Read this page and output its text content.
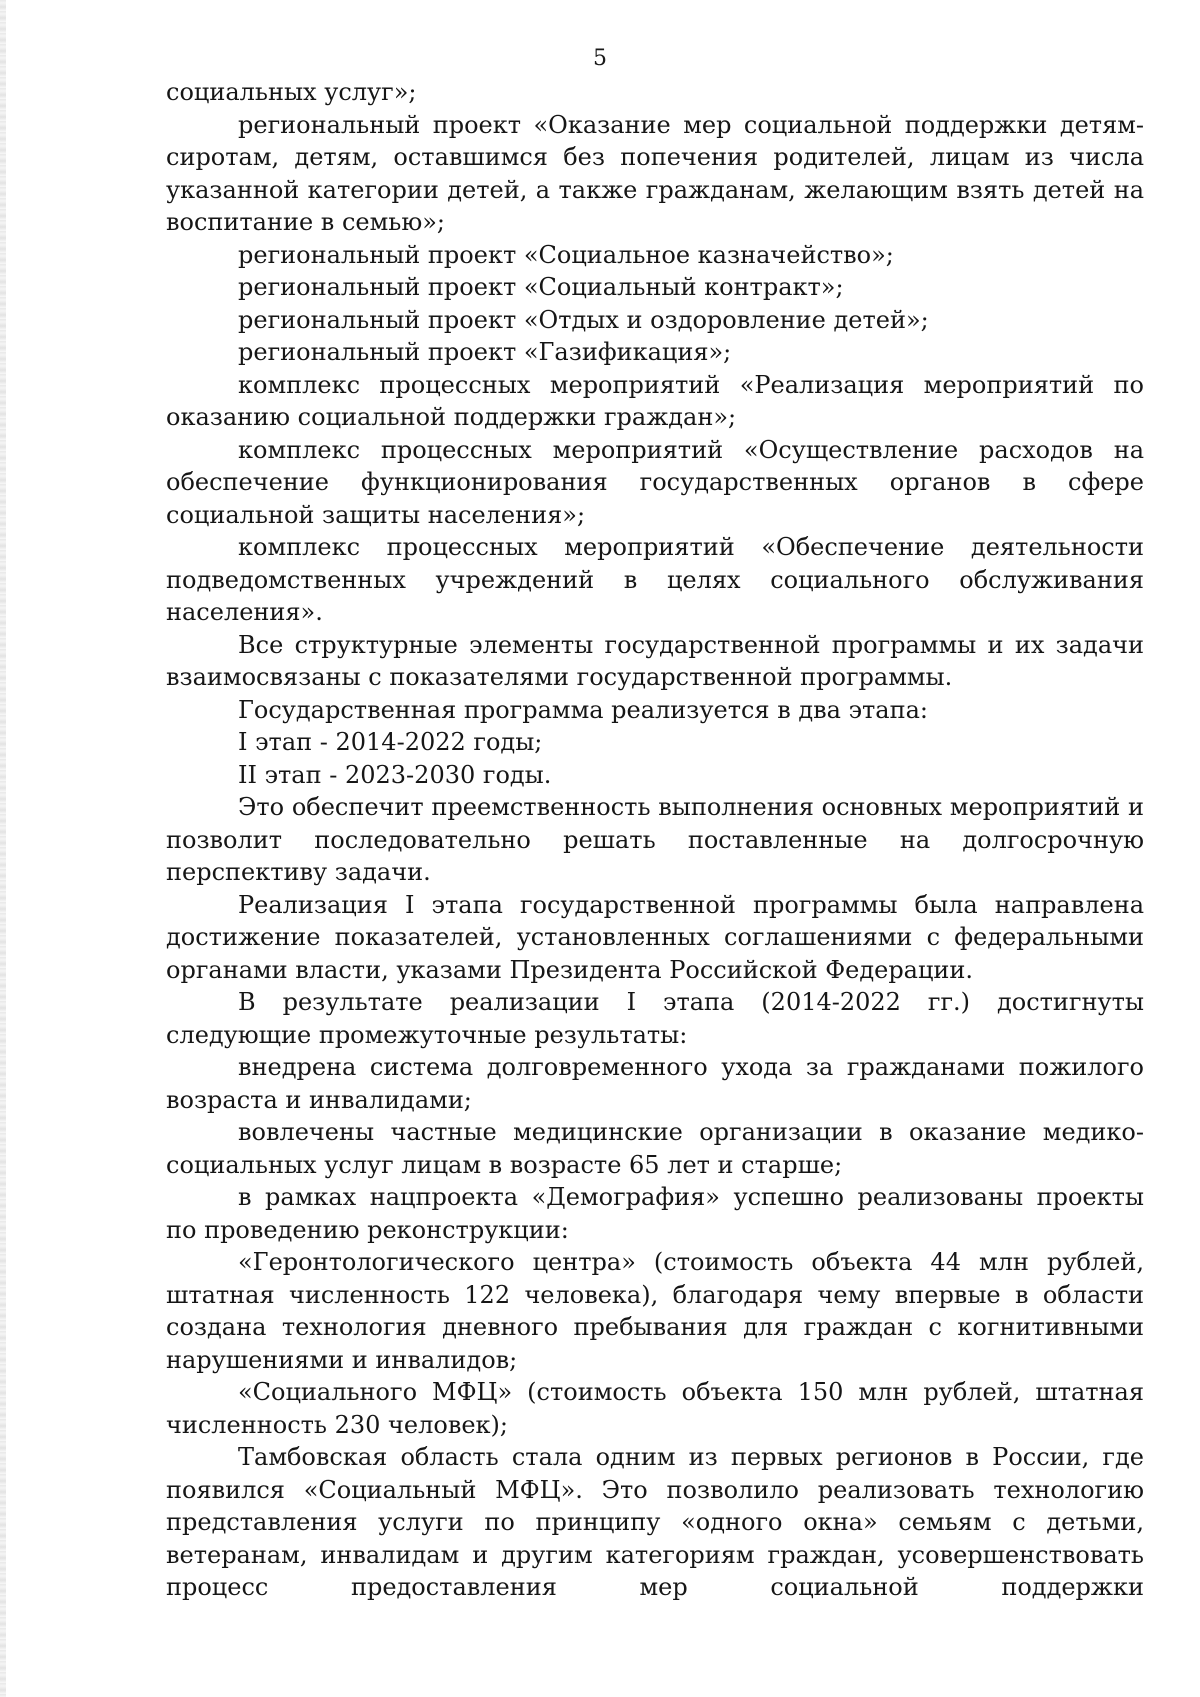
5

социальных услуг»;

региональный проект «Оказание мер социальной поддержки детям-сиротам, детям, оставшимся без попечения родителей, лицам из числа указанной категории детей, а также гражданам, желающим взять детей на воспитание в семью»;

региональный проект «Социальное казначейство»;

региональный проект «Социальный контракт»;

региональный проект «Отдых и оздоровление детей»;

региональный проект «Газификация»;

комплекс процессных мероприятий «Реализация мероприятий по оказанию социальной поддержки граждан»;

комплекс процессных мероприятий «Осуществление расходов на обеспечение функционирования государственных органов в сфере социальной защиты населения»;

комплекс процессных мероприятий «Обеспечение деятельности подведомственных учреждений в целях социального обслуживания населения».

Все структурные элементы государственной программы и их задачи взаимосвязаны с показателями государственной программы.

Государственная программа реализуется в два этапа:

I этап - 2014-2022 годы;

II этап - 2023-2030 годы.

Это обеспечит преемственность выполнения основных мероприятий и позволит последовательно решать поставленные на долгосрочную перспективу задачи.

Реализация I этапа государственной программы была направлена достижение показателей, установленных соглашениями с федеральными органами власти, указами Президента Российской Федерации.

В результате реализации I этапа (2014-2022 гг.) достигнуты следующие промежуточные результаты:

внедрена система долговременного ухода за гражданами пожилого возраста и инвалидами;

вовлечены частные медицинские организации в оказание медико-социальных услуг лицам в возрасте 65 лет и старше;

в рамках нацпроекта «Демография» успешно реализованы проекты по проведению реконструкции:

«Геронтологического центра» (стоимость объекта 44 млн рублей, штатная численность 122 человека), благодаря чему впервые в области создана технология дневного пребывания для граждан с когнитивными нарушениями и инвалидов;

«Социального МФЦ» (стоимость объекта 150 млн рублей, штатная численность 230 человек);

Тамбовская область стала одним из первых регионов в России, где появился «Социальный МФЦ». Это позволило реализовать технологию представления услуги по принципу «одного окна» семьям с детьми, ветеранам, инвалидам и другим категориям граждан, усовершенствовать процесс предоставления мер социальной поддержки
